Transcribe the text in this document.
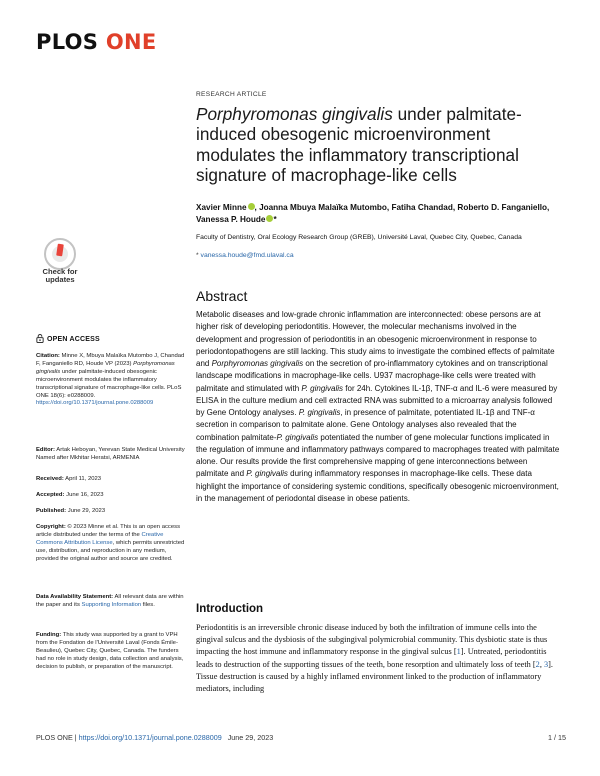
PLOS ONE
RESEARCH ARTICLE
Porphyromonas gingivalis under palmitate-induced obesogenic microenvironment modulates the inflammatory transcriptional signature of macrophage-like cells
Xavier Minne , Joanna Mbuya Malaïka Mutombo, Fatiha Chandad, Roberto D. Fanganiello, Vanessa P. Houde *
Faculty of Dentistry, Oral Ecology Research Group (GREB), Université Laval, Quebec City, Quebec, Canada
* vanessa.houde@fmd.ulaval.ca
Check for
updates
OPEN ACCESS
Citation: Minne X, Mbuya Malaïka Mutombo J, Chandad F, Fanganiello RD, Houde VP (2023) Porphyromonas gingivalis under palmitate-induced obesogenic microenvironment modulates the inflammatory transcriptional signature of macrophage-like cells. PLoS ONE 18(6): e0288009. https://doi.org/10.1371/journal.pone.0288009
Editor: Artak Heboyan, Yerevan State Medical University Named after Mkhitar Heratsi, ARMENIA
Received: April 11, 2023
Accepted: June 16, 2023
Published: June 29, 2023
Copyright: © 2023 Minne et al. This is an open access article distributed under the terms of the Creative Commons Attribution License, which permits unrestricted use, distribution, and reproduction in any medium, provided the original author and source are credited.
Data Availability Statement: All relevant data are within the paper and its Supporting Information files.
Funding: This study was supported by a grant to VPH from the Fondation de l'Université Laval (Fonds Émile-Beaulieu), Quebec City, Quebec, Canada. The funders had no role in study design, data collection and analysis, decision to publish, or preparation of the manuscript.
Abstract

Metabolic diseases and low-grade chronic inflammation are interconnected: obese persons are at higher risk of developing periodontitis. However, the molecular mechanisms involved in the development and progression of periodontitis in an obesogenic microenvironment in response to periodontopathogens are still lacking. This study aims to investigate the combined effects of palmitate and Porphyromonas gingivalis on the secretion of pro-inflammatory cytokines and on transcriptional landscape modifications in macrophage-like cells. U937 macrophage-like cells were treated with palmitate and stimulated with P. gingivalis for 24h. Cytokines IL-1β, TNF-α and IL-6 were measured by ELISA in the culture medium and cell extracted RNA was submitted to a microarray analysis followed by Gene Ontology analyses. P. gingivalis, in presence of palmitate, potentiated IL-1β and TNF-α secretion in comparison to palmitate alone. Gene Ontology analyses also revealed that the combination palmitate-P. gingivalis potentiated the number of gene molecular functions implicated in the regulation of immune and inflammatory pathways compared to macrophages treated with palmitate alone. Our results provide the first comprehensive mapping of gene interconnections between palmitate and P. gingivalis during inflammatory responses in macrophage-like cells. These data highlight the importance of considering systemic conditions, specifically obesogenic microenvironment, in the management of periodontal disease in obese patients.

Introduction

Periodontitis is an irreversible chronic disease induced by both the infiltration of immune cells into the gingival sulcus and the dysbiosis of the subgingival polymicrobial community. This dysbiotic state is thus impacting the host immune and inflammatory response in the gingival sulcus [1]. Untreated, periodontitis leads to destruction of the supporting tissues of the teeth, bone resorption and ultimately loss of teeth [2, 3]. Tissue destruction is caused by a highly inflamed environment linked to the production of inflammatory mediators, including

PLOS ONE | https://doi.org/10.1371/journal.pone.0288009 June 29, 2023	1 / 15
